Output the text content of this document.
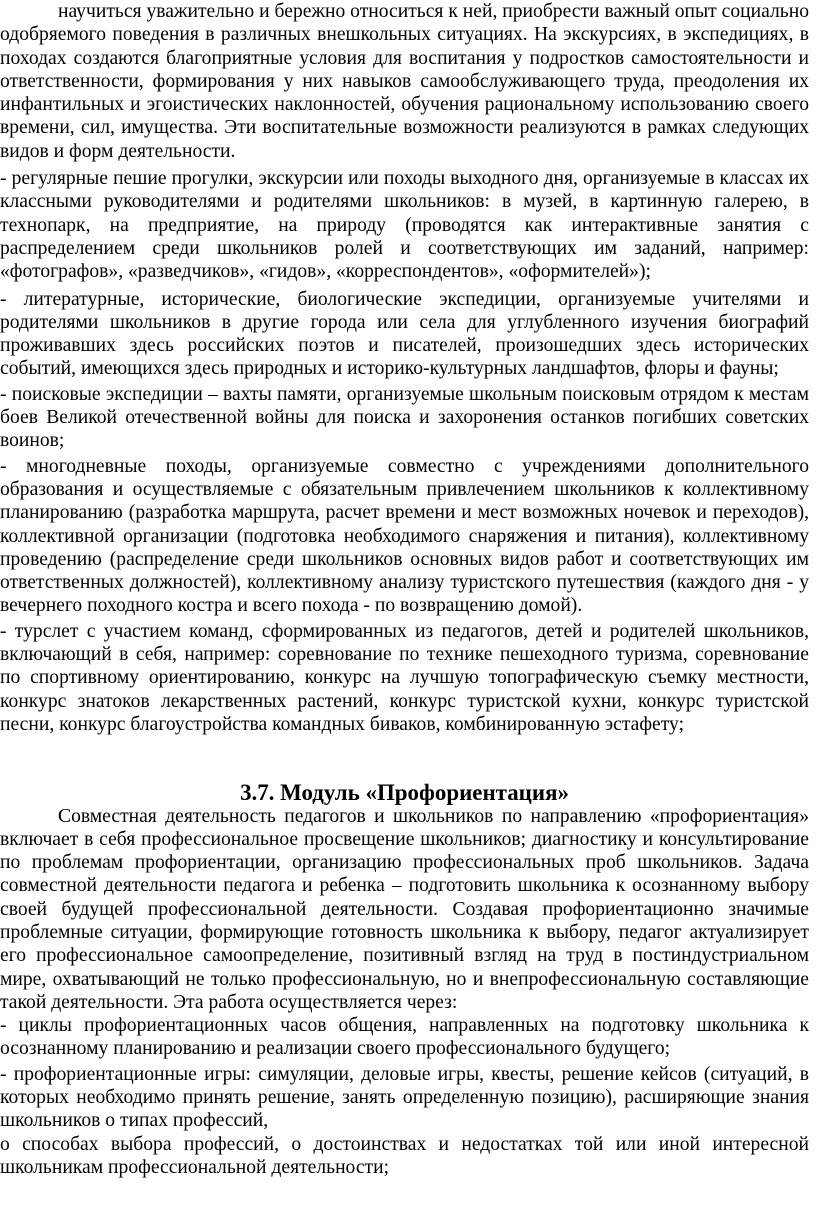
научиться уважительно и бережно относиться к ней, приобрести важный опыт социально одобряемого поведения в различных внешкольных ситуациях. На экскурсиях, в экспедициях, в походах создаются благоприятные условия для воспитания у подростков самостоятельности и ответственности, формирования у них навыков самообслуживающего труда, преодоления их инфантильных и эгоистических наклонностей, обучения рациональному использованию своего времени, сил, имущества. Эти воспитательные возможности реализуются в рамках следующих видов и форм деятельности.

- регулярные пешие прогулки, экскурсии или походы выходного дня, организуемые в классах их классными руководителями и родителями школьников: в музей, в картинную галерею, в технопарк, на предприятие, на природу (проводятся как интерактивные занятия с распределением среди школьников ролей и соответствующих им заданий, например: «фотографов», «разведчиков», «гидов», «корреспондентов», «оформителей»);

- литературные, исторические, биологические экспедиции, организуемые учителями и родителями школьников в другие города или села для углубленного изучения биографий проживавших здесь российских поэтов и писателей, произошедших здесь исторических событий, имеющихся здесь природных и историко-культурных ландшафтов, флоры и фауны;

- поисковые экспедиции – вахты памяти, организуемые школьным поисковым отрядом к местам боев Великой отечественной войны для поиска и захоронения останков погибших советских воинов;

- многодневные походы, организуемые совместно с учреждениями дополнительного образования и осуществляемые с обязательным привлечением школьников к коллективному планированию (разработка маршрута, расчет времени и мест возможных ночевок и переходов), коллективной организации (подготовка необходимого снаряжения и питания), коллективному проведению (распределение среди школьников основных видов работ и соответствующих им ответственных должностей), коллективному анализу туристского путешествия (каждого дня - у вечернего походного костра и всего похода - по возвращению домой).

- турслет с участием команд, сформированных из педагогов, детей и родителей школьников, включающий в себя, например: соревнование по технике пешеходного туризма, соревнование по спортивному ориентированию, конкурс на лучшую топографическую съемку местности, конкурс знатоков лекарственных растений, конкурс туристской кухни, конкурс туристской песни, конкурс благоустройства командных биваков, комбинированную эстафету;

3.7. Модуль «Профориентация»

Совместная деятельность педагогов и школьников по направлению «профориентация» включает в себя профессиональное просвещение школьников; диагностику и консультирование по проблемам профориентации, организацию профессиональных проб школьников. Задача совместной деятельности педагога и ребенка – подготовить школьника к осознанному выбору своей будущей профессиональной деятельности. Создавая профориентационно значимые проблемные ситуации, формирующие готовность школьника к выбору, педагог актуализирует его профессиональное самоопределение, позитивный взгляд на труд в постиндустриальном мире, охватывающий не только профессиональную, но и внепрофессиональную составляющие такой деятельности. Эта работа осуществляется через:

- циклы профориентационных часов общения, направленных на подготовку школьника к осознанному планированию и реализации своего профессионального будущего;

- профориентационные игры: симуляции, деловые игры, квесты, решение кейсов (ситуаций, в которых необходимо принять решение, занять определенную позицию), расширяющие знания школьников о типах профессий,

о способах выбора профессий, о достоинствах и недостатках той или иной интересной школьникам профессиональной деятельности;
